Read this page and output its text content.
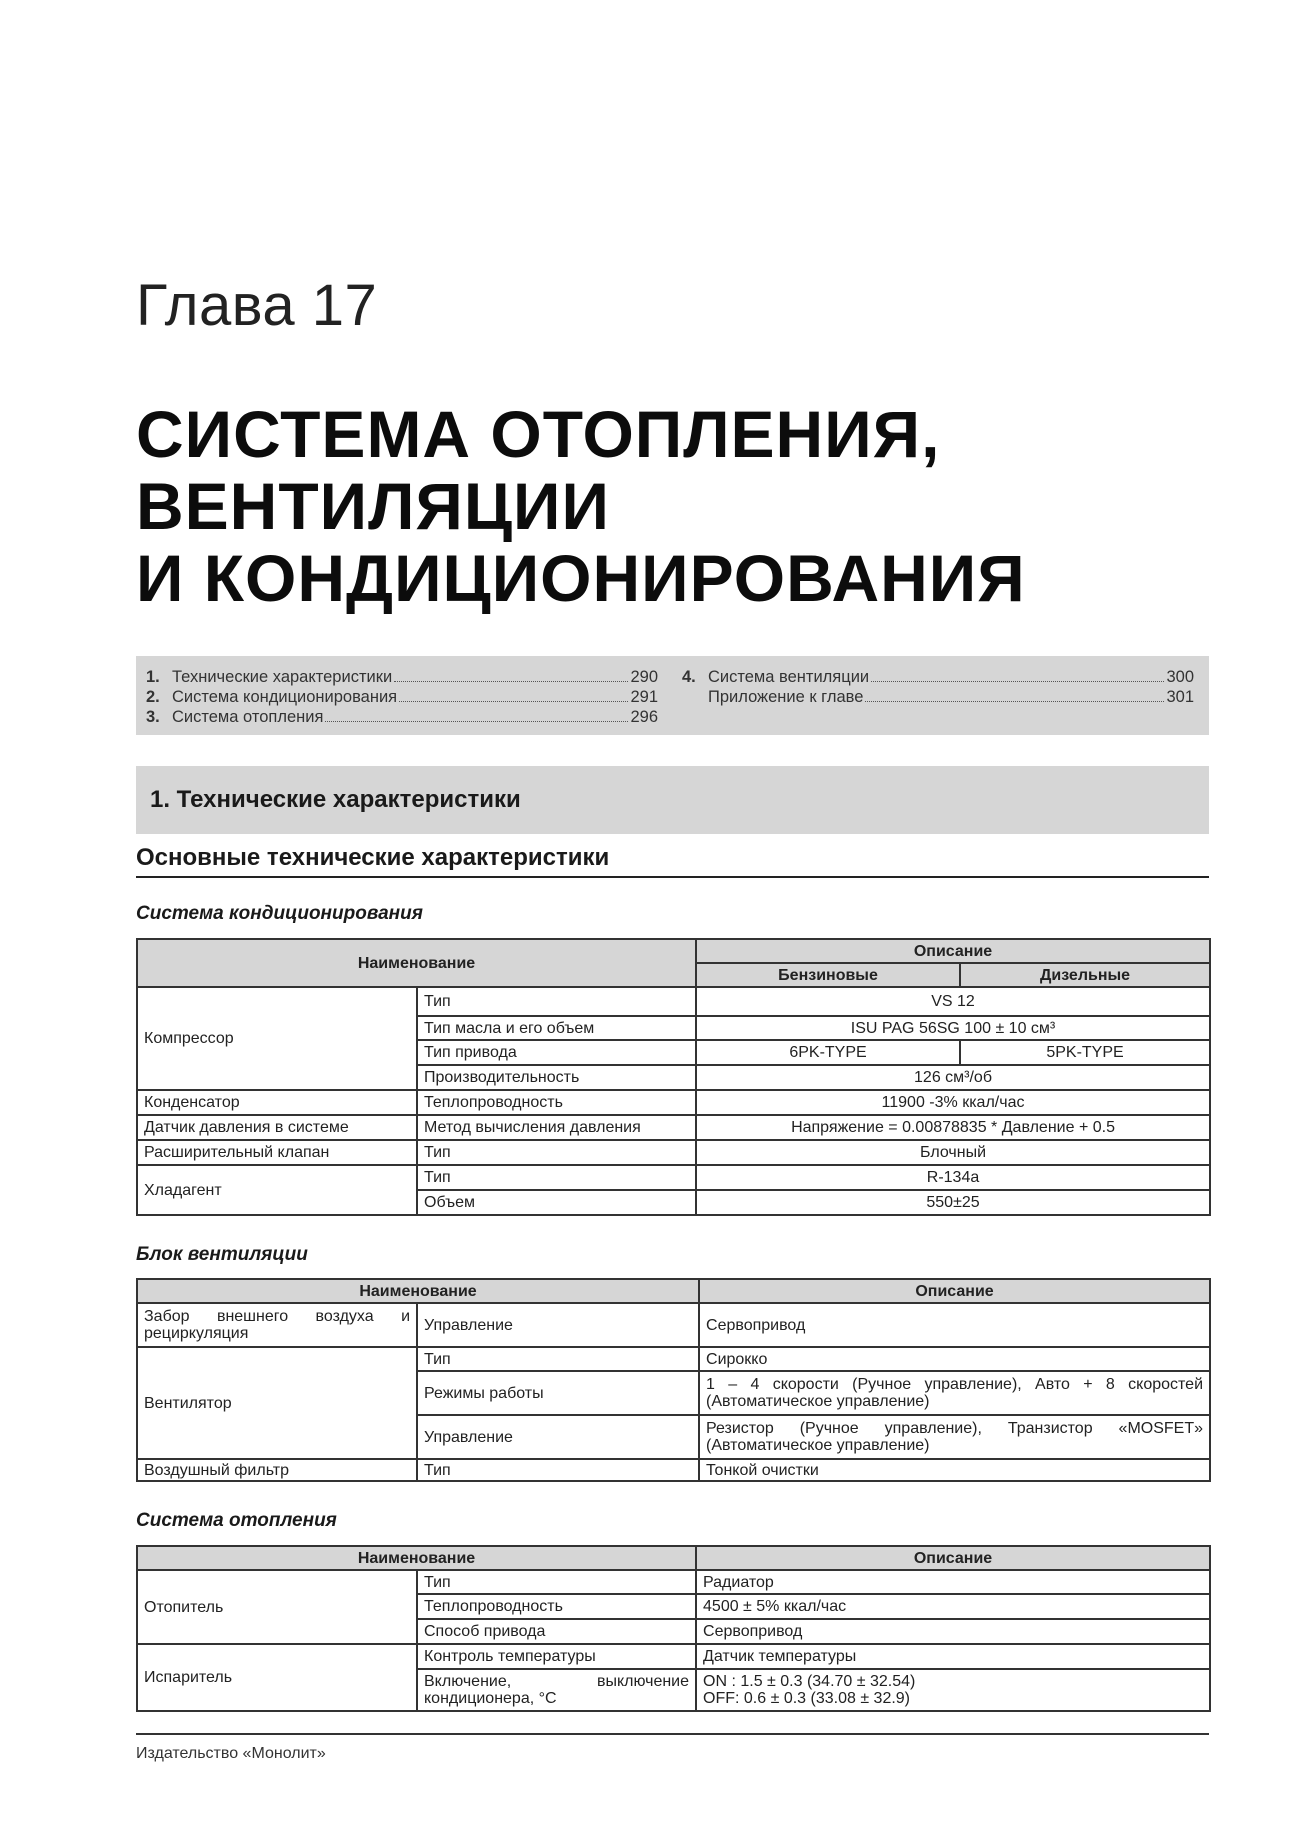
Глава 17
СИСТЕМА ОТОПЛЕНИЯ,
ВЕНТИЛЯЦИИ
И КОНДИЦИОНИРОВАНИЯ
1. Технические характеристики	290
2. Система кондиционирования	291
3. Система отопления	296
4. Система вентиляции	300
Приложение к главе	301
1. Технические характеристики
Основные технические характеристики
Система кондиционирования
Наименование		Описание	
		Бензиновые	Дизельные
Компрессор	Тип	VS 12	
	Тип масла и его объем	ISU PAG 56SG 100 ± 10 см³	
	Тип привода	6PK-TYPE	5PK-TYPE
	Производительность	126 см³/об	
Конденсатор	Теплопроводность	11900 -3% ккал/час	
Датчик давления в системе	Метод вычисления давления	Напряжение = 0.00878835 * Давление + 0.5	
Расширительный клапан	Тип	Блочный	
Хладагент	Тип	R-134a	
	Объем	550±25	
Блок вентиляции
Наименование		Описание
Забор внешнего воздуха и рециркуляция	Управление	Сервопривод
Вентилятор	Тип	Сирокко
	Режимы работы	1 – 4 скорости (Ручное управление), Авто + 8 скоростей (Автоматическое управление)
	Управление	Резистор (Ручное управление), Транзистор «MOSFET» (Автоматическое управление)
Воздушный фильтр	Тип	Тонкой очистки
Система отопления
Наименование		Описание
Отопитель	Тип	Радиатор
	Теплопроводность	4500 ± 5% ккал/час
	Способ привода	Сервопривод
Испаритель	Контроль температуры	Датчик температуры
	Включение, выключение кондиционера, °С	ON : 1.5 ± 0.3 (34.70 ± 32.54)
OFF: 0.6 ± 0.3 (33.08 ± 32.9)
Издательство «Монолит»
